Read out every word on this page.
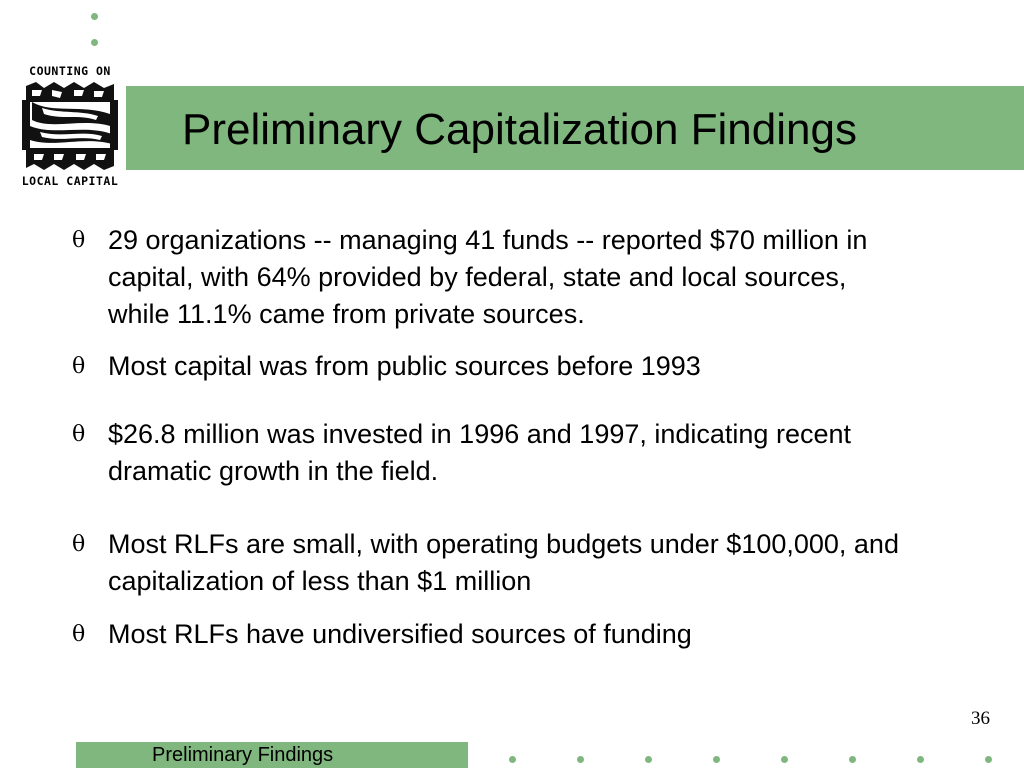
COUNTING ON
LOCAL CAPITAL
Preliminary Capitalization Findings
θ 29 organizations -- managing 41 funds -- reported $70 million in capital, with 64% provided by federal, state and local sources, while 11.1% came from private sources.
θ Most capital was from public sources before 1993
θ $26.8 million was invested in 1996 and 1997, indicating recent dramatic growth in the field.
θ Most RLFs are small, with operating budgets under $100,000, and capitalization of less than $1 million
θ Most RLFs have undiversified sources of funding
36
Preliminary Findings
